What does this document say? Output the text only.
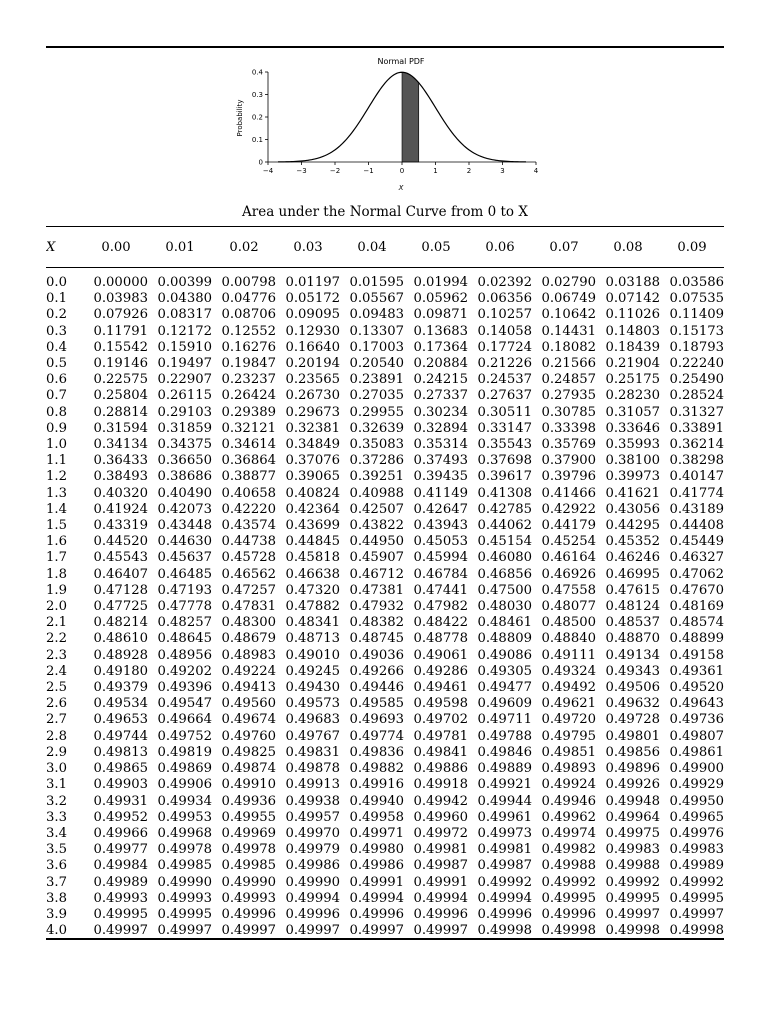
Normal PDF
Probability
X
−4	−3	−2	−1	0	1	2	3	4
0
0.1
0.2
0.3
0.4
Area under the Normal Curve from 0 to X
X	0.00	0.01	0.02	0.03	0.04	0.05	0.06	0.07	0.08	0.09
0.0	0.00000	0.00399	0.00798	0.01197	0.01595	0.01994	0.02392	0.02790	0.03188	0.03586
0.1	0.03983	0.04380	0.04776	0.05172	0.05567	0.05962	0.06356	0.06749	0.07142	0.07535
0.2	0.07926	0.08317	0.08706	0.09095	0.09483	0.09871	0.10257	0.10642	0.11026	0.11409
0.3	0.11791	0.12172	0.12552	0.12930	0.13307	0.13683	0.14058	0.14431	0.14803	0.15173
0.4	0.15542	0.15910	0.16276	0.16640	0.17003	0.17364	0.17724	0.18082	0.18439	0.18793
0.5	0.19146	0.19497	0.19847	0.20194	0.20540	0.20884	0.21226	0.21566	0.21904	0.22240
0.6	0.22575	0.22907	0.23237	0.23565	0.23891	0.24215	0.24537	0.24857	0.25175	0.25490
0.7	0.25804	0.26115	0.26424	0.26730	0.27035	0.27337	0.27637	0.27935	0.28230	0.28524
0.8	0.28814	0.29103	0.29389	0.29673	0.29955	0.30234	0.30511	0.30785	0.31057	0.31327
0.9	0.31594	0.31859	0.32121	0.32381	0.32639	0.32894	0.33147	0.33398	0.33646	0.33891
1.0	0.34134	0.34375	0.34614	0.34849	0.35083	0.35314	0.35543	0.35769	0.35993	0.36214
1.1	0.36433	0.36650	0.36864	0.37076	0.37286	0.37493	0.37698	0.37900	0.38100	0.38298
1.2	0.38493	0.38686	0.38877	0.39065	0.39251	0.39435	0.39617	0.39796	0.39973	0.40147
1.3	0.40320	0.40490	0.40658	0.40824	0.40988	0.41149	0.41308	0.41466	0.41621	0.41774
1.4	0.41924	0.42073	0.42220	0.42364	0.42507	0.42647	0.42785	0.42922	0.43056	0.43189
1.5	0.43319	0.43448	0.43574	0.43699	0.43822	0.43943	0.44062	0.44179	0.44295	0.44408
1.6	0.44520	0.44630	0.44738	0.44845	0.44950	0.45053	0.45154	0.45254	0.45352	0.45449
1.7	0.45543	0.45637	0.45728	0.45818	0.45907	0.45994	0.46080	0.46164	0.46246	0.46327
1.8	0.46407	0.46485	0.46562	0.46638	0.46712	0.46784	0.46856	0.46926	0.46995	0.47062
1.9	0.47128	0.47193	0.47257	0.47320	0.47381	0.47441	0.47500	0.47558	0.47615	0.47670
2.0	0.47725	0.47778	0.47831	0.47882	0.47932	0.47982	0.48030	0.48077	0.48124	0.48169
2.1	0.48214	0.48257	0.48300	0.48341	0.48382	0.48422	0.48461	0.48500	0.48537	0.48574
2.2	0.48610	0.48645	0.48679	0.48713	0.48745	0.48778	0.48809	0.48840	0.48870	0.48899
2.3	0.48928	0.48956	0.48983	0.49010	0.49036	0.49061	0.49086	0.49111	0.49134	0.49158
2.4	0.49180	0.49202	0.49224	0.49245	0.49266	0.49286	0.49305	0.49324	0.49343	0.49361
2.5	0.49379	0.49396	0.49413	0.49430	0.49446	0.49461	0.49477	0.49492	0.49506	0.49520
2.6	0.49534	0.49547	0.49560	0.49573	0.49585	0.49598	0.49609	0.49621	0.49632	0.49643
2.7	0.49653	0.49664	0.49674	0.49683	0.49693	0.49702	0.49711	0.49720	0.49728	0.49736
2.8	0.49744	0.49752	0.49760	0.49767	0.49774	0.49781	0.49788	0.49795	0.49801	0.49807
2.9	0.49813	0.49819	0.49825	0.49831	0.49836	0.49841	0.49846	0.49851	0.49856	0.49861
3.0	0.49865	0.49869	0.49874	0.49878	0.49882	0.49886	0.49889	0.49893	0.49896	0.49900
3.1	0.49903	0.49906	0.49910	0.49913	0.49916	0.49918	0.49921	0.49924	0.49926	0.49929
3.2	0.49931	0.49934	0.49936	0.49938	0.49940	0.49942	0.49944	0.49946	0.49948	0.49950
3.3	0.49952	0.49953	0.49955	0.49957	0.49958	0.49960	0.49961	0.49962	0.49964	0.49965
3.4	0.49966	0.49968	0.49969	0.49970	0.49971	0.49972	0.49973	0.49974	0.49975	0.49976
3.5	0.49977	0.49978	0.49978	0.49979	0.49980	0.49981	0.49981	0.49982	0.49983	0.49983
3.6	0.49984	0.49985	0.49985	0.49986	0.49986	0.49987	0.49987	0.49988	0.49988	0.49989
3.7	0.49989	0.49990	0.49990	0.49990	0.49991	0.49991	0.49992	0.49992	0.49992	0.49992
3.8	0.49993	0.49993	0.49993	0.49994	0.49994	0.49994	0.49994	0.49995	0.49995	0.49995
3.9	0.49995	0.49995	0.49996	0.49996	0.49996	0.49996	0.49996	0.49996	0.49997	0.49997
4.0	0.49997	0.49997	0.49997	0.49997	0.49997	0.49997	0.49998	0.49998	0.49998	0.49998
